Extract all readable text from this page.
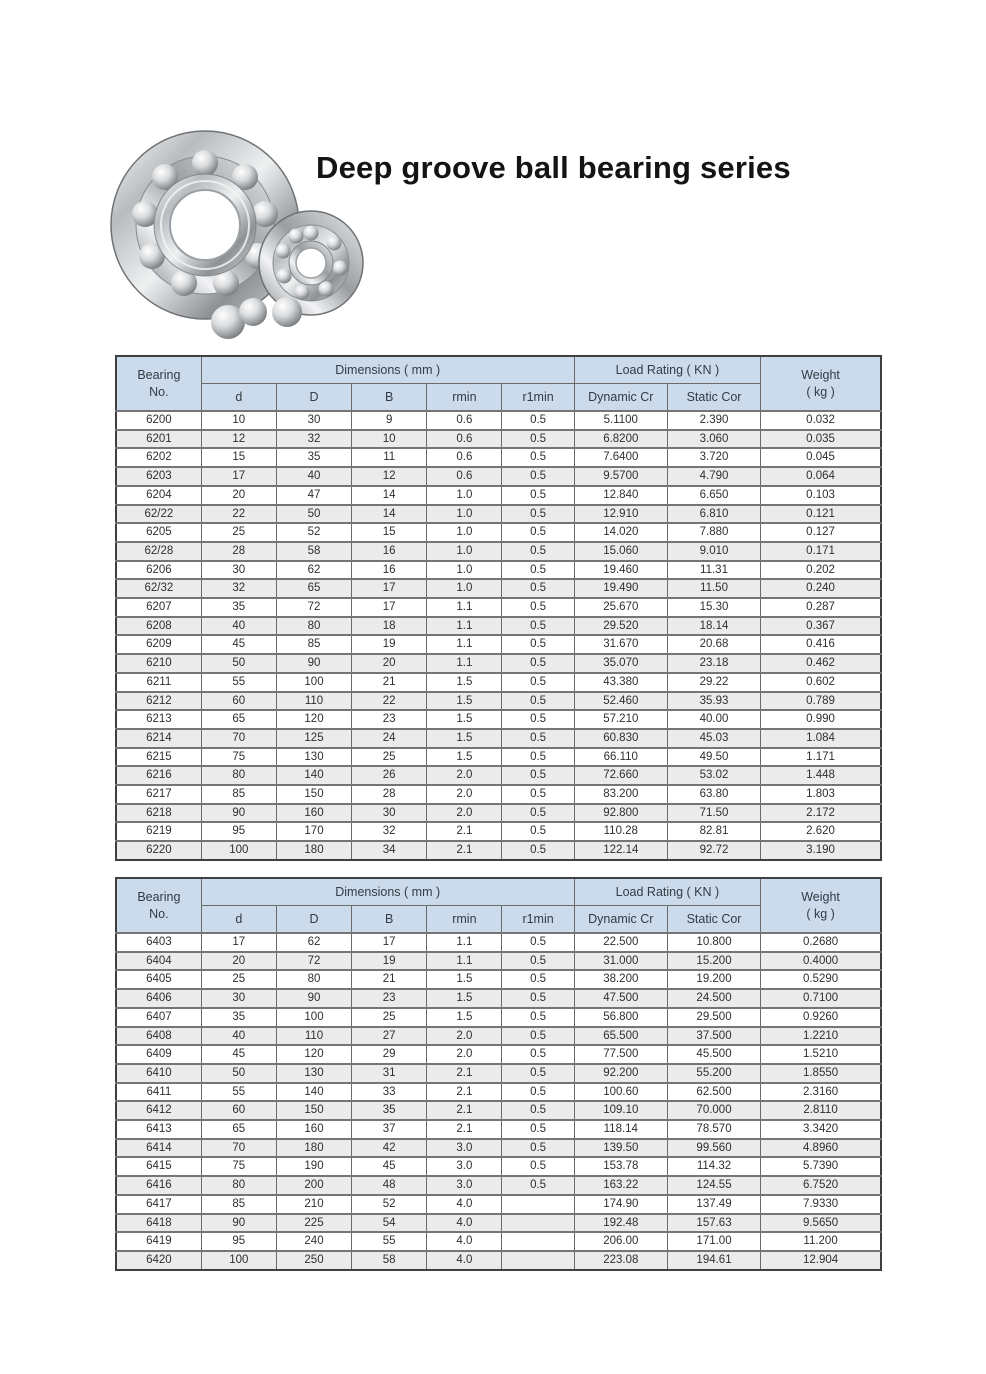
Deep groove ball bearing series
Bearing
No.	Dimensions ( mm )					Load Rating ( KN )		Weight
( kg )
	d	D	B	rmin	r1min	Dynamic Cr	Static Cor	
6200	10	30	9	0.6	0.5	5.1100	2.390	0.032
6201	12	32	10	0.6	0.5	6.8200	3.060	0.035
6202	15	35	11	0.6	0.5	7.6400	3.720	0.045
6203	17	40	12	0.6	0.5	9.5700	4.790	0.064
6204	20	47	14	1.0	0.5	12.840	6.650	0.103
62/22	22	50	14	1.0	0.5	12.910	6.810	0.121
6205	25	52	15	1.0	0.5	14.020	7.880	0.127
62/28	28	58	16	1.0	0.5	15.060	9.010	0.171
6206	30	62	16	1.0	0.5	19.460	11.31	0.202
62/32	32	65	17	1.0	0.5	19.490	11.50	0.240
6207	35	72	17	1.1	0.5	25.670	15.30	0.287
6208	40	80	18	1.1	0.5	29.520	18.14	0.367
6209	45	85	19	1.1	0.5	31.670	20.68	0.416
6210	50	90	20	1.1	0.5	35.070	23.18	0.462
6211	55	100	21	1.5	0.5	43.380	29.22	0.602
6212	60	110	22	1.5	0.5	52.460	35.93	0.789
6213	65	120	23	1.5	0.5	57.210	40.00	0.990
6214	70	125	24	1.5	0.5	60.830	45.03	1.084
6215	75	130	25	1.5	0.5	66.110	49.50	1.171
6216	80	140	26	2.0	0.5	72.660	53.02	1.448
6217	85	150	28	2.0	0.5	83.200	63.80	1.803
6218	90	160	30	2.0	0.5	92.800	71.50	2.172
6219	95	170	32	2.1	0.5	110.28	82.81	2.620
6220	100	180	34	2.1	0.5	122.14	92.72	3.190
Bearing
No.	Dimensions ( mm )					Load Rating ( KN )		Weight
( kg )
	d	D	B	rmin	r1min	Dynamic Cr	Static Cor	
6403	17	62	17	1.1	0.5	22.500	10.800	0.2680
6404	20	72	19	1.1	0.5	31.000	15.200	0.4000
6405	25	80	21	1.5	0.5	38.200	19.200	0.5290
6406	30	90	23	1.5	0.5	47.500	24.500	0.7100
6407	35	100	25	1.5	0.5	56.800	29.500	0.9260
6408	40	110	27	2.0	0.5	65.500	37.500	1.2210
6409	45	120	29	2.0	0.5	77.500	45.500	1.5210
6410	50	130	31	2.1	0.5	92.200	55.200	1.8550
6411	55	140	33	2.1	0.5	100.60	62.500	2.3160
6412	60	150	35	2.1	0.5	109.10	70.000	2.8110
6413	65	160	37	2.1	0.5	118.14	78.570	3.3420
6414	70	180	42	3.0	0.5	139.50	99.560	4.8960
6415	75	190	45	3.0	0.5	153.78	114.32	5.7390
6416	80	200	48	3.0	0.5	163.22	124.55	6.7520
6417	85	210	52	4.0		174.90	137.49	7.9330
6418	90	225	54	4.0		192.48	157.63	9.5650
6419	95	240	55	4.0		206.00	171.00	11.200
6420	100	250	58	4.0		223.08	194.61	12.904
